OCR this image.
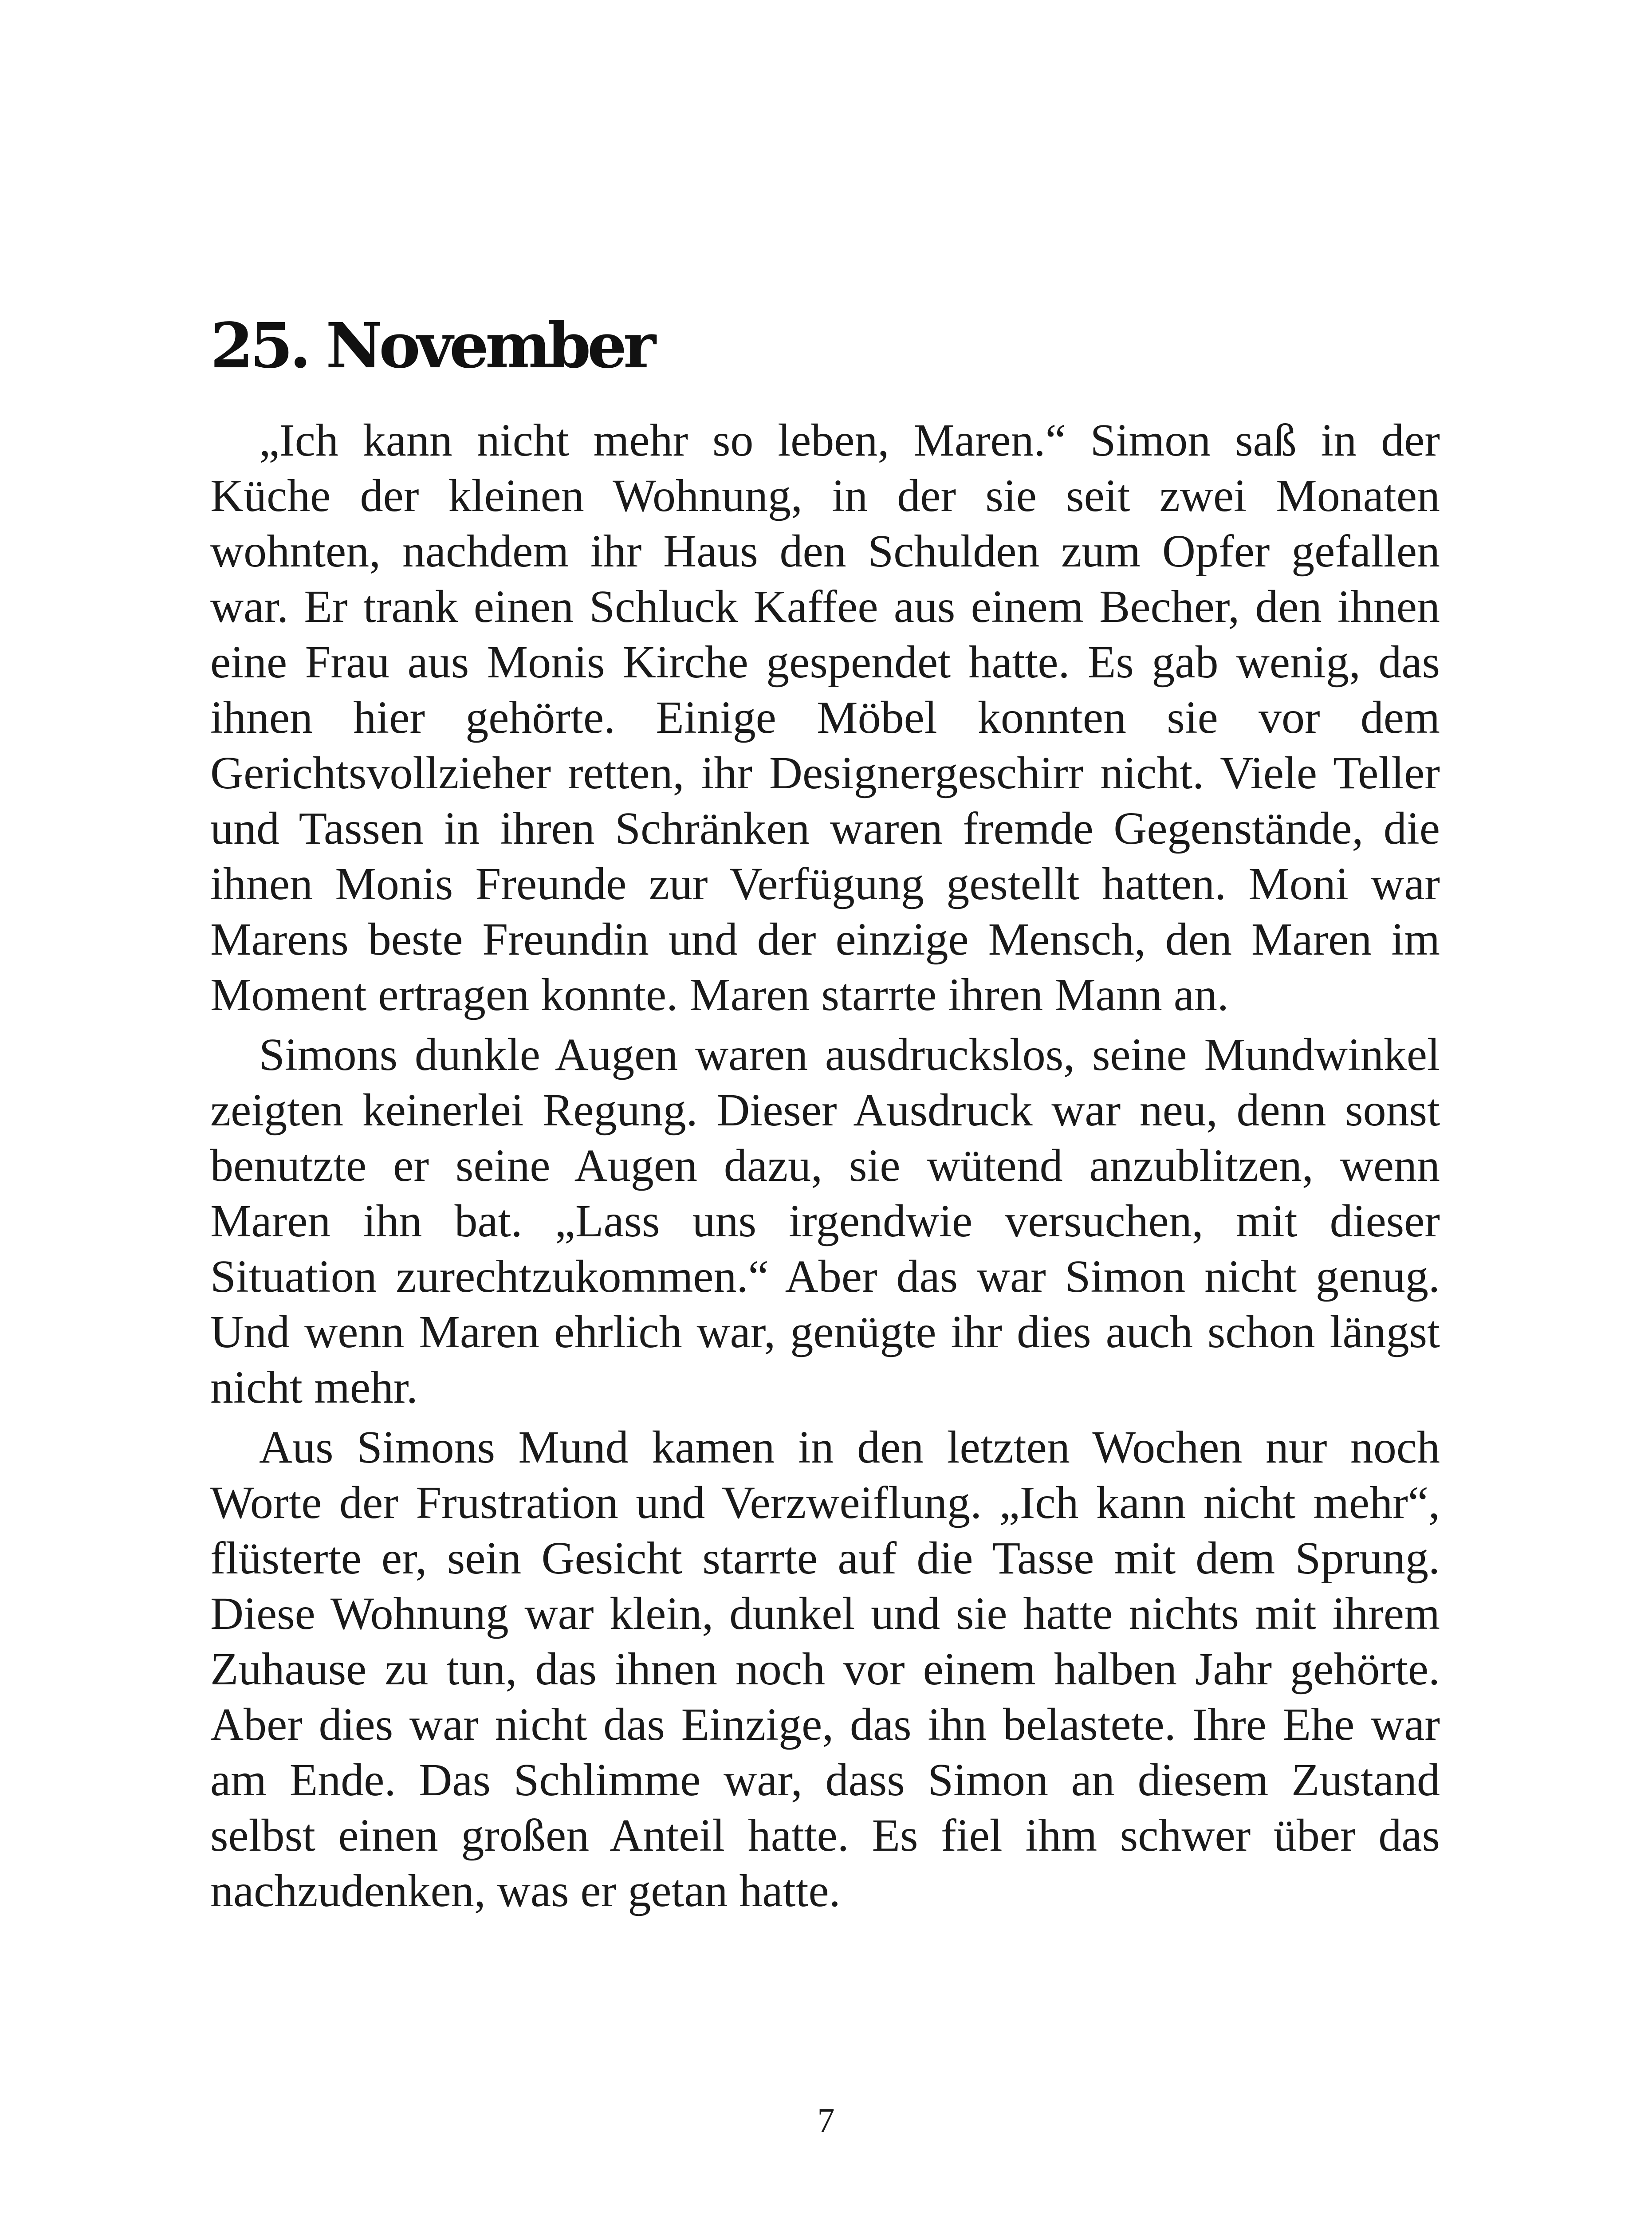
25. November

„Ich kann nicht mehr so leben, Maren.“ Simon saß in der Küche der kleinen Wohnung, in der sie seit zwei Monaten wohnten, nachdem ihr Haus den Schulden zum Opfer gefallen war. Er trank einen Schluck Kaffee aus einem Becher, den ihnen eine Frau aus Monis Kirche gespendet hatte. Es gab wenig, das ihnen hier gehörte. Einige Möbel konnten sie vor dem Gerichtsvollzieher retten, ihr Designergeschirr nicht. Viele Teller und Tassen in ihren Schränken waren fremde Gegenstände, die ihnen Monis Freunde zur Verfügung gestellt hatten. Moni war Marens beste Freundin und der einzige Mensch, den Maren im Moment ertragen konnte. Maren starrte ihren Mann an.

Simons dunkle Augen waren ausdruckslos, seine Mundwinkel zeigten keinerlei Regung. Dieser Ausdruck war neu, denn sonst benutzte er seine Augen dazu, sie wütend anzublitzen, wenn Maren ihn bat. „Lass uns irgendwie versuchen, mit dieser Situation zurechtzukommen.“ Aber das war Simon nicht genug. Und wenn Maren ehrlich war, genügte ihr dies auch schon längst nicht mehr.

Aus Simons Mund kamen in den letzten Wochen nur noch Worte der Frustration und Verzweiflung. „Ich kann nicht mehr“, flüsterte er, sein Gesicht starrte auf die Tasse mit dem Sprung. Diese Wohnung war klein, dunkel und sie hatte nichts mit ihrem Zuhause zu tun, das ihnen noch vor einem halben Jahr gehörte. Aber dies war nicht das Einzige, das ihn belastete. Ihre Ehe war am Ende. Das Schlimme war, dass Simon an diesem Zustand selbst einen großen Anteil hatte. Es fiel ihm schwer über das nachzudenken, was er getan hatte.

7
